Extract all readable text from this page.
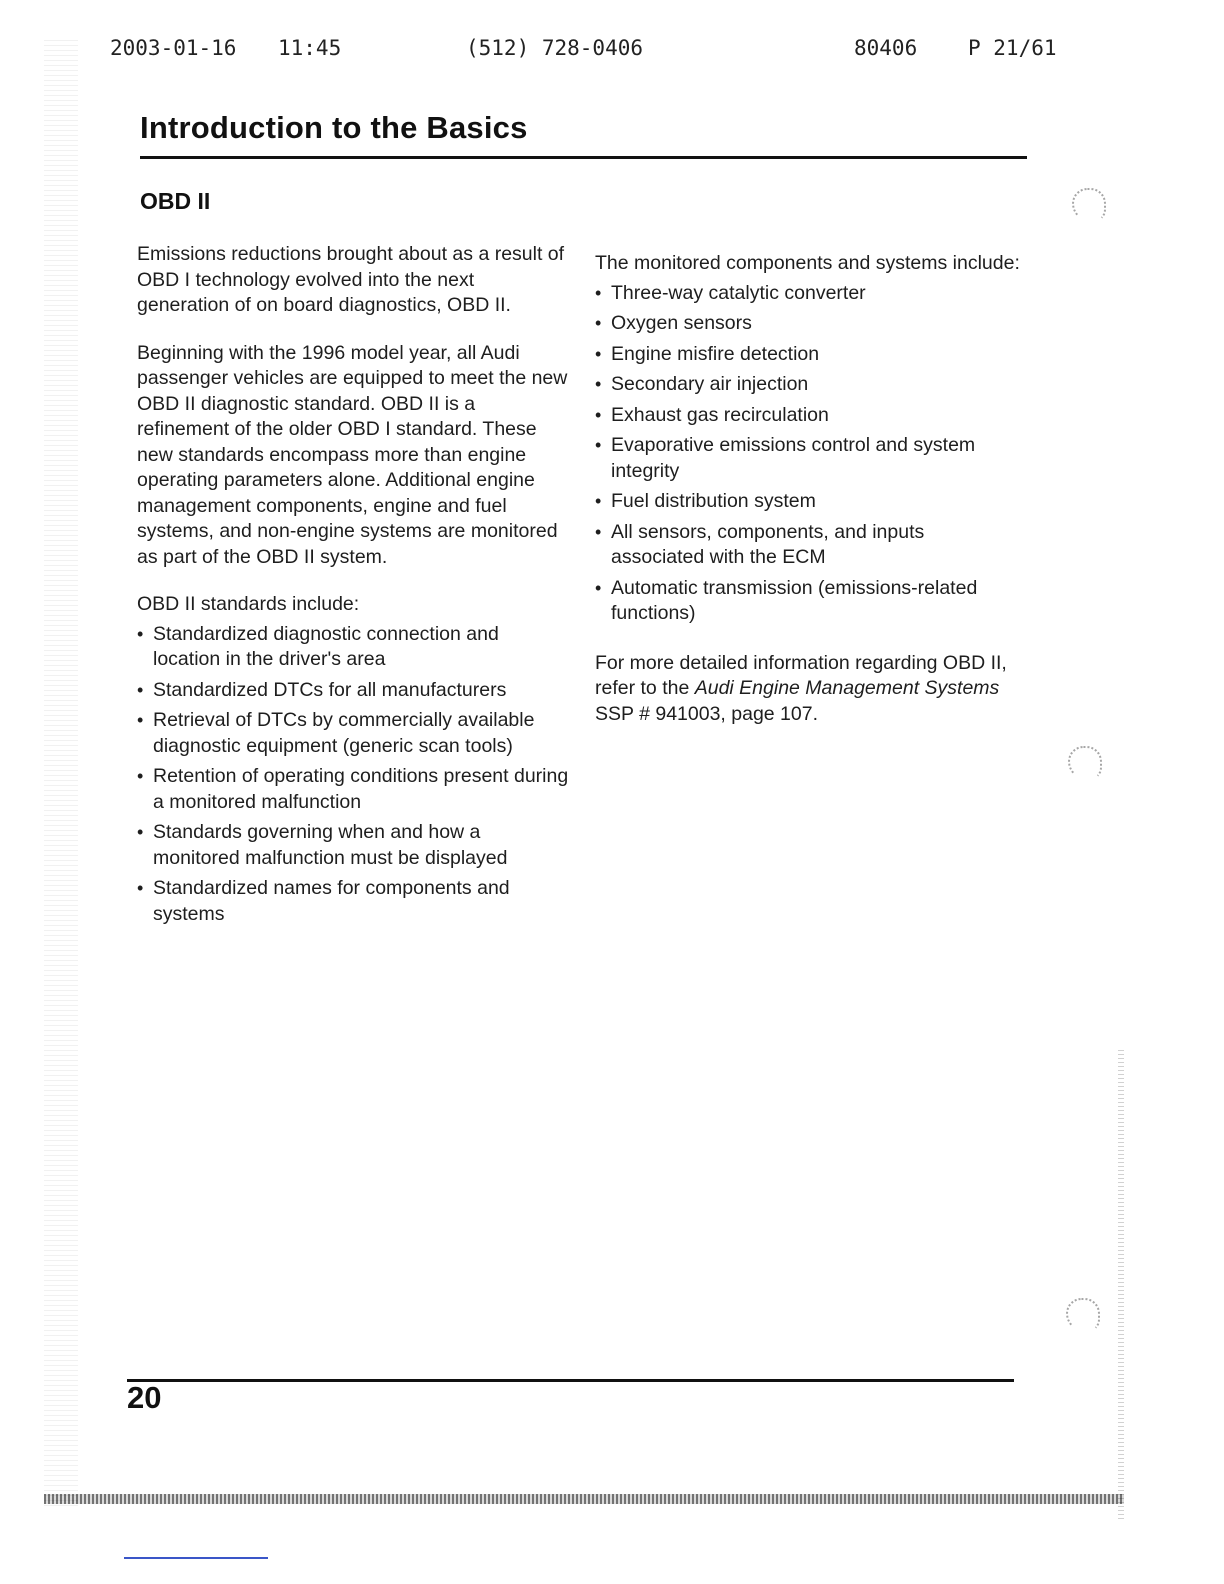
2003-01-16 11:45	(512) 728-0406	80406 P 21/61
Introduction to the Basics
OBD II

Emissions reductions brought about as a result of OBD I technology evolved into the next generation of on board diagnostics, OBD II.

Beginning with the 1996 model year, all Audi passenger vehicles are equipped to meet the new OBD II diagnostic standard. OBD II is a refinement of the older OBD I standard. These new standards encompass more than engine operating parameters alone. Additional engine management components, engine and fuel systems, and non-engine systems are monitored as part of the OBD II system.

OBD II standards include:

• Standardized diagnostic connection and location in the driver's area
• Standardized DTCs for all manufacturers
• Retrieval of DTCs by commercially available diagnostic equipment (generic scan tools)
• Retention of operating conditions present during a monitored malfunction
• Standards governing when and how a monitored malfunction must be displayed
• Standardized names for components and systems

The monitored components and systems include:

• Three-way catalytic converter
• Oxygen sensors
• Engine misfire detection
• Secondary air injection
• Exhaust gas recirculation
• Evaporative emissions control and system integrity
• Fuel distribution system
• All sensors, components, and inputs associated with the ECM
• Automatic transmission (emissions-related functions)

For more detailed information regarding OBD II, refer to the Audi Engine Management Systems SSP # 941003, page 107.

20
